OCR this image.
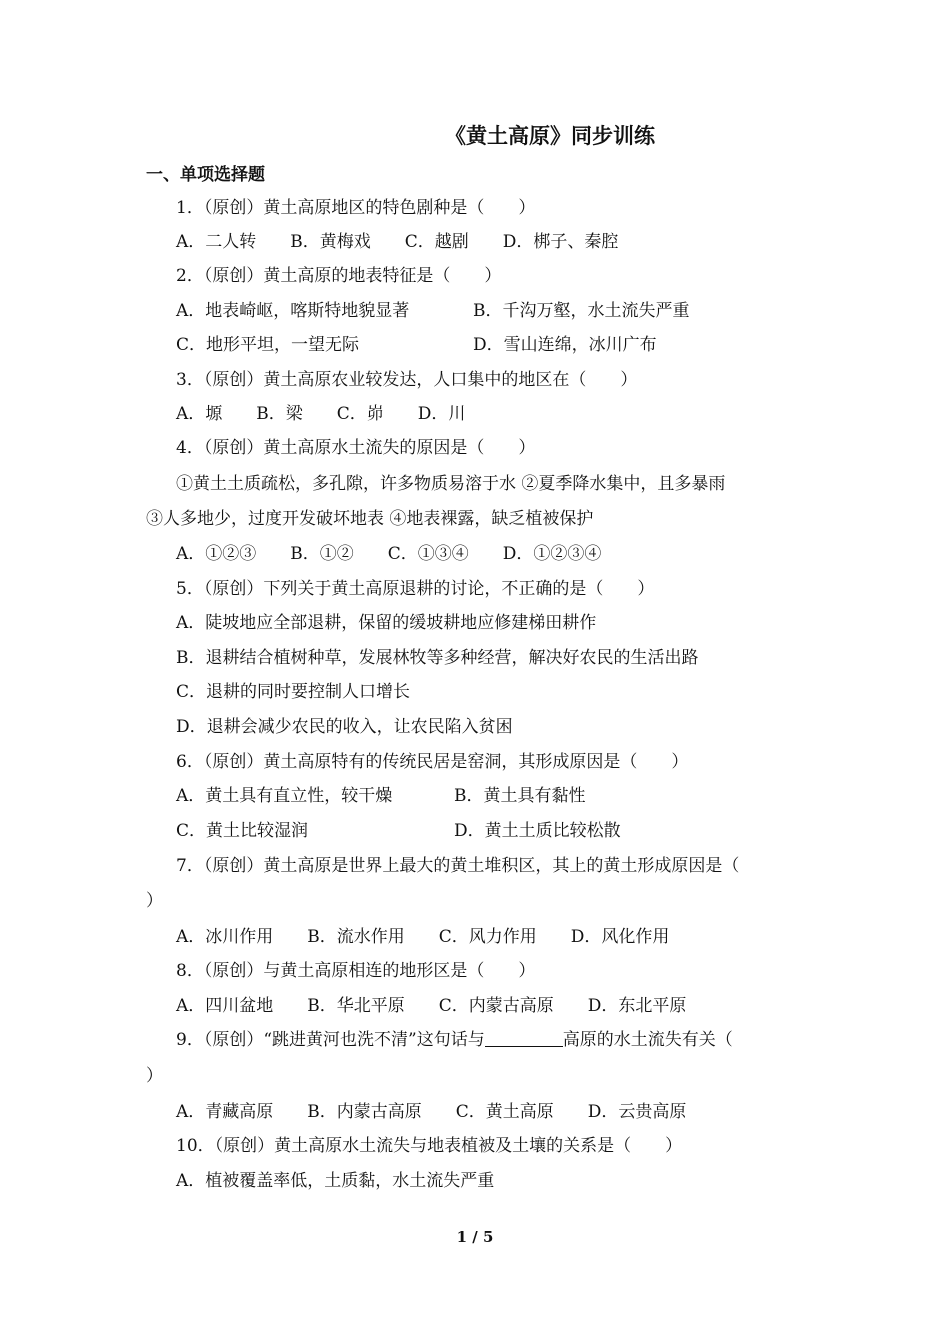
《黄土高原》同步训练
一、单项选择题
1．（原创）黄土高原地区的特色剧种是（　　）
A．二人转　　B．黄梅戏　　C．越剧　　D．梆子、秦腔
2．（原创）黄土高原的地表特征是（　　）
A．地表崎岖，喀斯特地貌显著	B．千沟万壑，水土流失严重
C．地形平坦，一望无际	D．雪山连绵，冰川广布
3．（原创）黄土高原农业较发达，人口集中的地区在（　　）
A．塬　　B．梁　　C．峁　　D．川
4．（原创）黄土高原水土流失的原因是（　　）
①黄土土质疏松，多孔隙，许多物质易溶于水 ②夏季降水集中，且多暴雨
③人多地少，过度开发破坏地表 ④地表裸露，缺乏植被保护
A．①②③　　B．①②　　C．①③④　　D．①②③④
5．（原创）下列关于黄土高原退耕的讨论，不正确的是（　　）
A．陡坡地应全部退耕，保留的缓坡耕地应修建梯田耕作
B．退耕结合植树种草，发展林牧等多种经营，解决好农民的生活出路
C．退耕的同时要控制人口增长
D．退耕会减少农民的收入，让农民陷入贫困
6．（原创）黄土高原特有的传统民居是窑洞，其形成原因是（　　）
A．黄土具有直立性，较干燥	B．黄土具有黏性
C．黄土比较湿润	D．黄土土质比较松散
7．（原创）黄土高原是世界上最大的黄土堆积区，其上的黄土形成原因是（
）
A．冰川作用　　B．流水作用　　C．风力作用　　D．风化作用
8．（原创）与黄土高原相连的地形区是（　　）
A．四川盆地　　B．华北平原　　C．内蒙古高原　　D．东北平原
9．（原创）“跳进黄河也洗不清”这句话与	高原的水土流失有关（
）
A．青藏高原　　B．内蒙古高原　　C．黄土高原　　D．云贵高原
10．（原创）黄土高原水土流失与地表植被及土壤的关系是（　　）
A．植被覆盖率低，土质黏，水土流失严重
1 / 5
